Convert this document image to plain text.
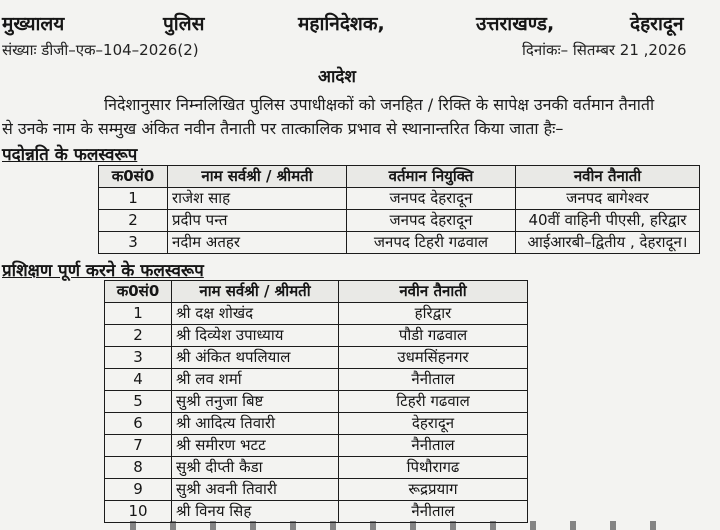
मुख्यालय	पुलिस	महानिदेशक,	उत्तराखण्ड,	देहरादून
संख्याः डीजी–एक–104–2026(2)	दिनांकः– सितम्बर 21 ,2026
आदेश
निदेशानुसार निम्नलिखित पुलिस उपाधीक्षकों को जनहित / रिक्ति के सापेक्ष उनकी वर्तमान तैनाती
से उनके नाम के सम्मुख अंकित नवीन तैनाती पर तात्कालिक प्रभाव से स्थानान्तरित किया जाता हैः–
पदोन्नति के फलस्वरूप
क0सं0	नाम सर्वश्री / श्रीमती	वर्तमान नियुक्ति	नवीन तैनाती
1	राजेश साह	जनपद देहरादून	जनपद बागेश्वर
2	प्रदीप पन्त	जनपद देहरादून	40वीं वाहिनी पीएसी, हरिद्वार
3	नदीम अतहर	जनपद टिहरी गढवाल	आईआरबी–द्वितीय , देहरादून।
प्रशिक्षण पूर्ण करने के फलस्वरूप
क0सं0	नाम सर्वश्री / श्रीमती	नवीन तैनाती
1	श्री दक्ष शोखंद	हरिद्वार
2	श्री दिव्येश उपाध्याय	पौडी गढवाल
3	श्री अंकित थपलियाल	उधमसिंहनगर
4	श्री लव शर्मा	नैनीताल
5	सुश्री तनुजा बिष्ट	टिहरी गढवाल
6	श्री आदित्य तिवारी	देहरादून
7	श्री समीरण भटट	नैनीताल
8	सुश्री दीप्ती कैडा	पिथौरागढ
9	सुश्री अवनी तिवारी	रूद्रप्रयाग
10	श्री विनय सिह	नैनीताल
